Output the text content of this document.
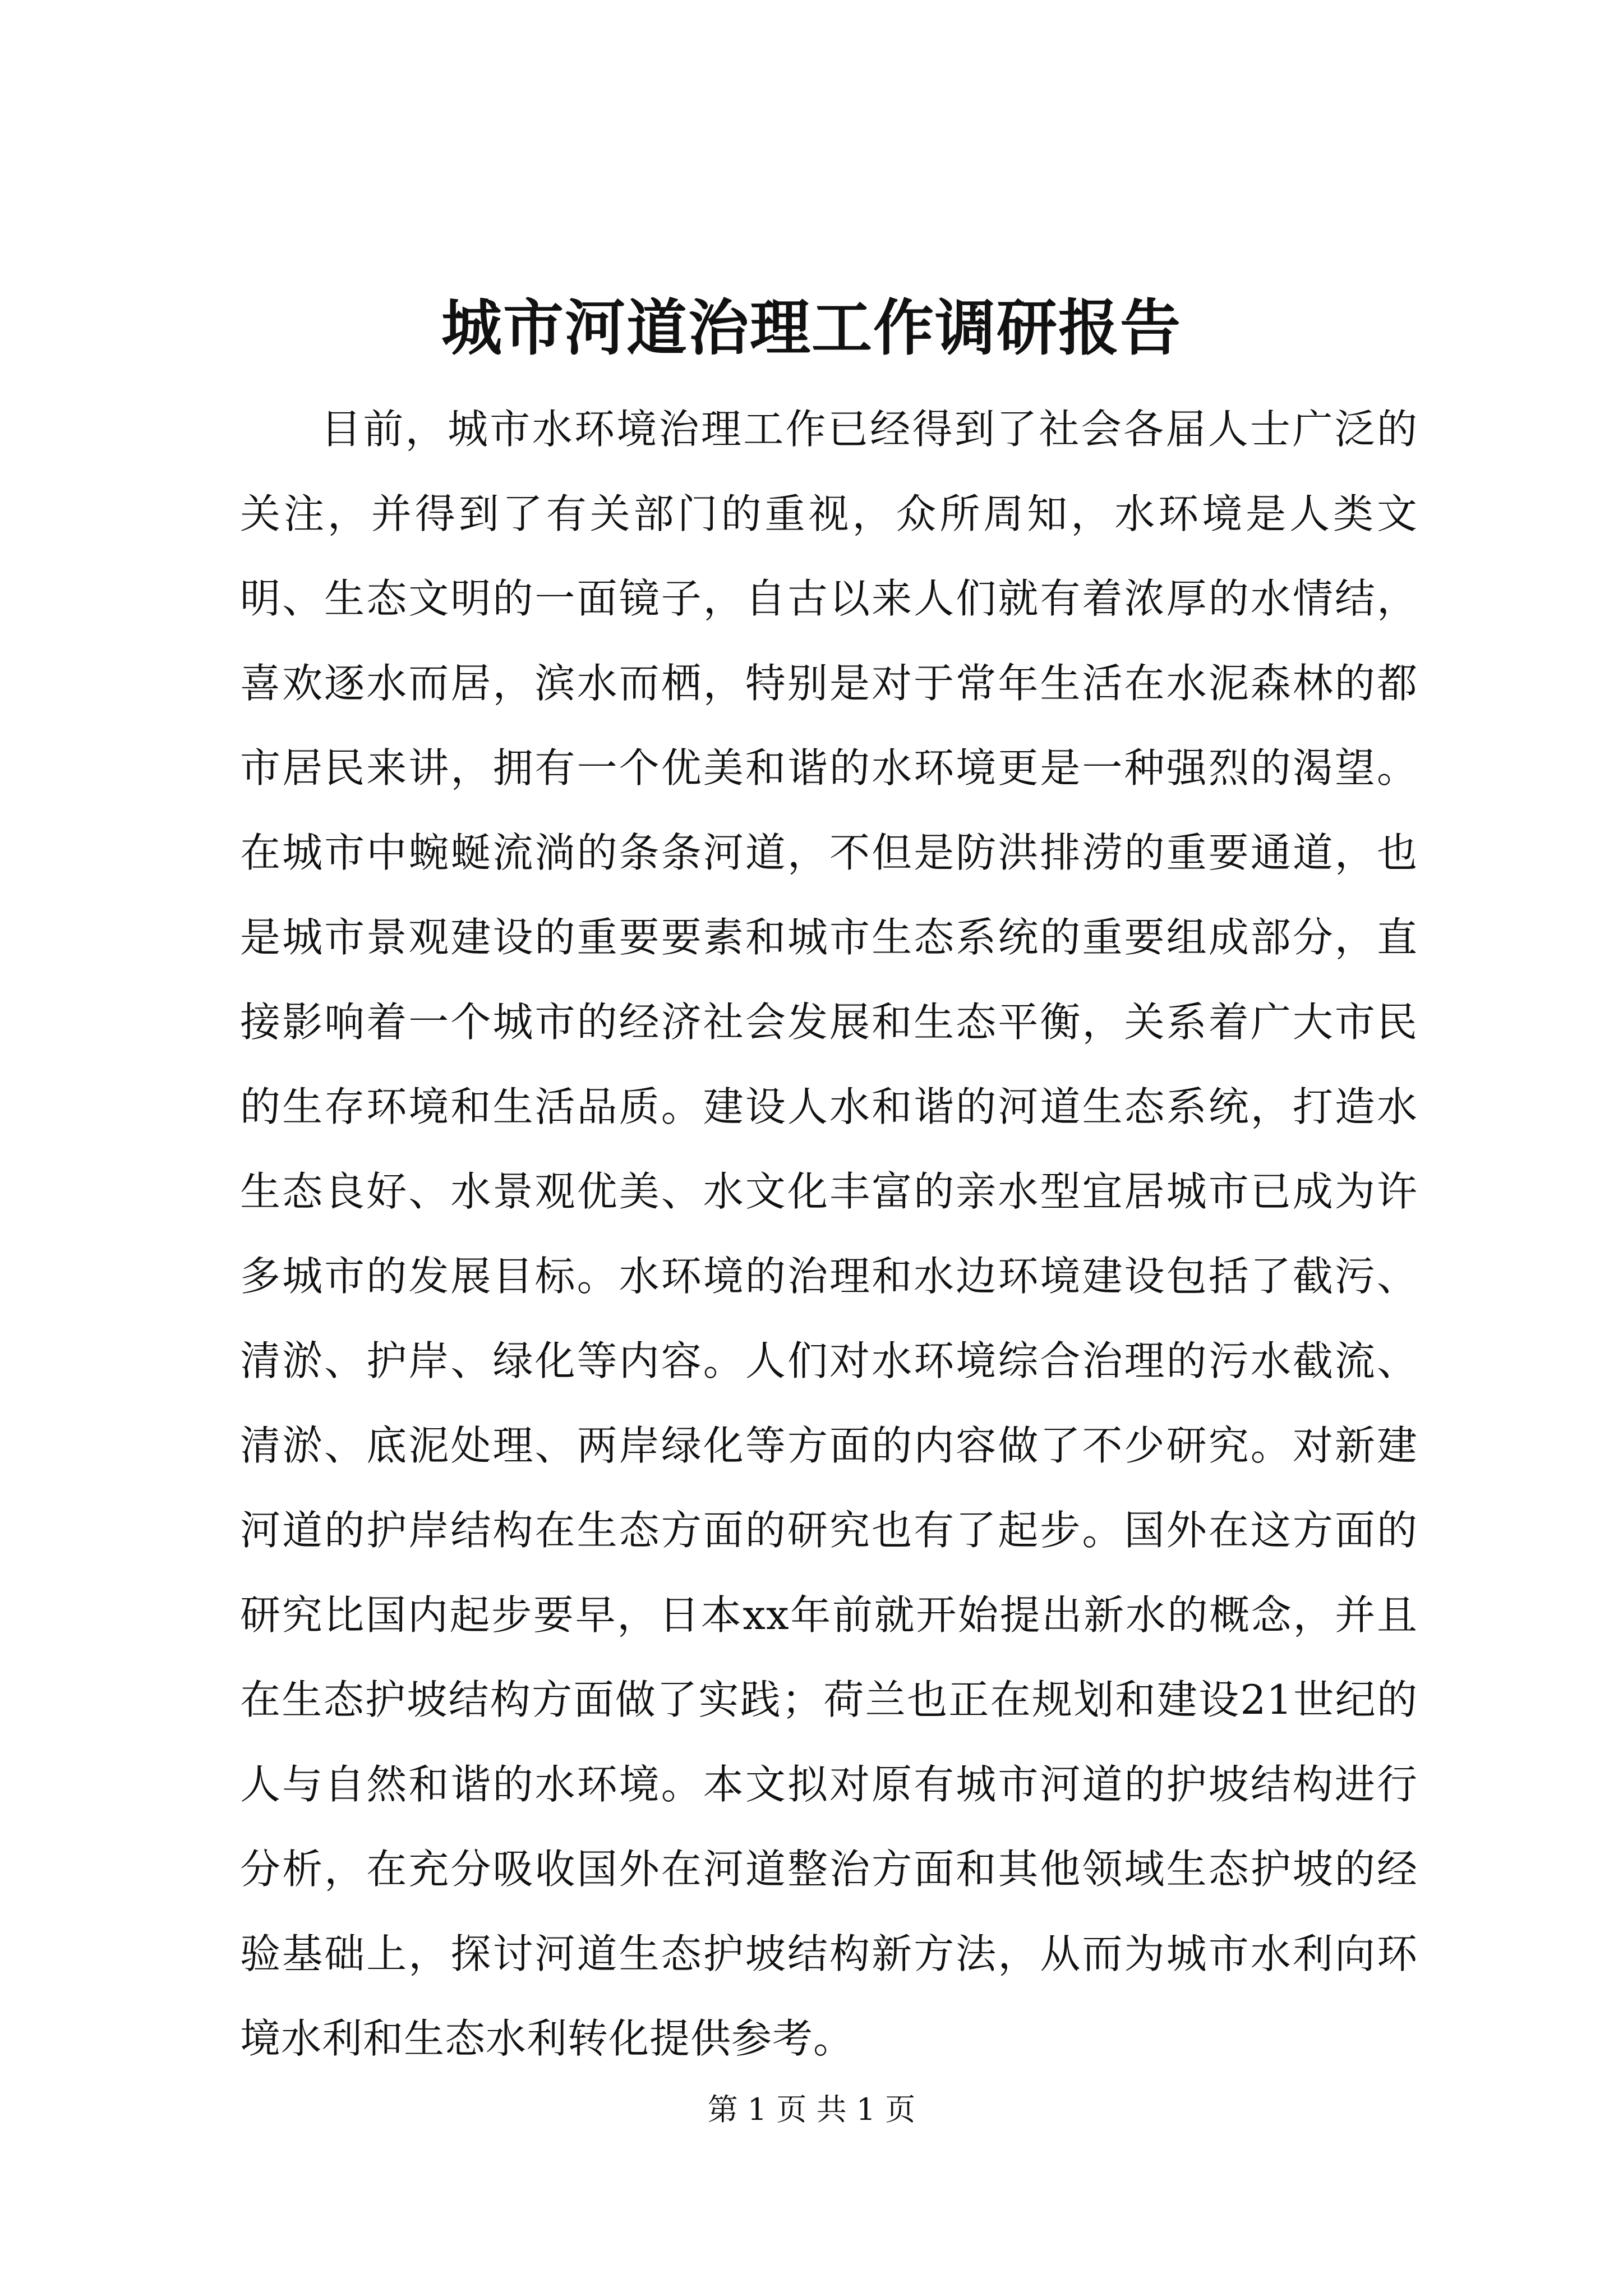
城市河道治理工作调研报告

目前，城市水环境治理工作已经得到了社会各届人士广泛的关注，并得到了有关部门的重视，众所周知，水环境是人类文明、生态文明的一面镜子，自古以来人们就有着浓厚的水情结，喜欢逐水而居，滨水而栖，特别是对于常年生活在水泥森林的都市居民来讲，拥有一个优美和谐的水环境更是一种强烈的渴望。在城市中蜿蜒流淌的条条河道，不但是防洪排涝的重要通道，也是城市景观建设的重要要素和城市生态系统的重要组成部分，直接影响着一个城市的经济社会发展和生态平衡，关系着广大市民的生存环境和生活品质。建设人水和谐的河道生态系统，打造水生态良好、水景观优美、水文化丰富的亲水型宜居城市已成为许多城市的发展目标。水环境的治理和水边环境建设包括了截污、清淤、护岸、绿化等内容。人们对水环境综合治理的污水截流、清淤、底泥处理、两岸绿化等方面的内容做了不少研究。对新建河道的护岸结构在生态方面的研究也有了起步。国外在这方面的研究比国内起步要早，日本xx年前就开始提出新水的概念，并且在生态护坡结构方面做了实践；荷兰也正在规划和建设21世纪的人与自然和谐的水环境。本文拟对原有城市河道的护坡结构进行分析，在充分吸收国外在河道整治方面和其他领域生态护坡的经验基础上，探讨河道生态护坡结构新方法，从而为城市水利向环境水利和生态水利转化提供参考。

第 1 页 共 1 页
